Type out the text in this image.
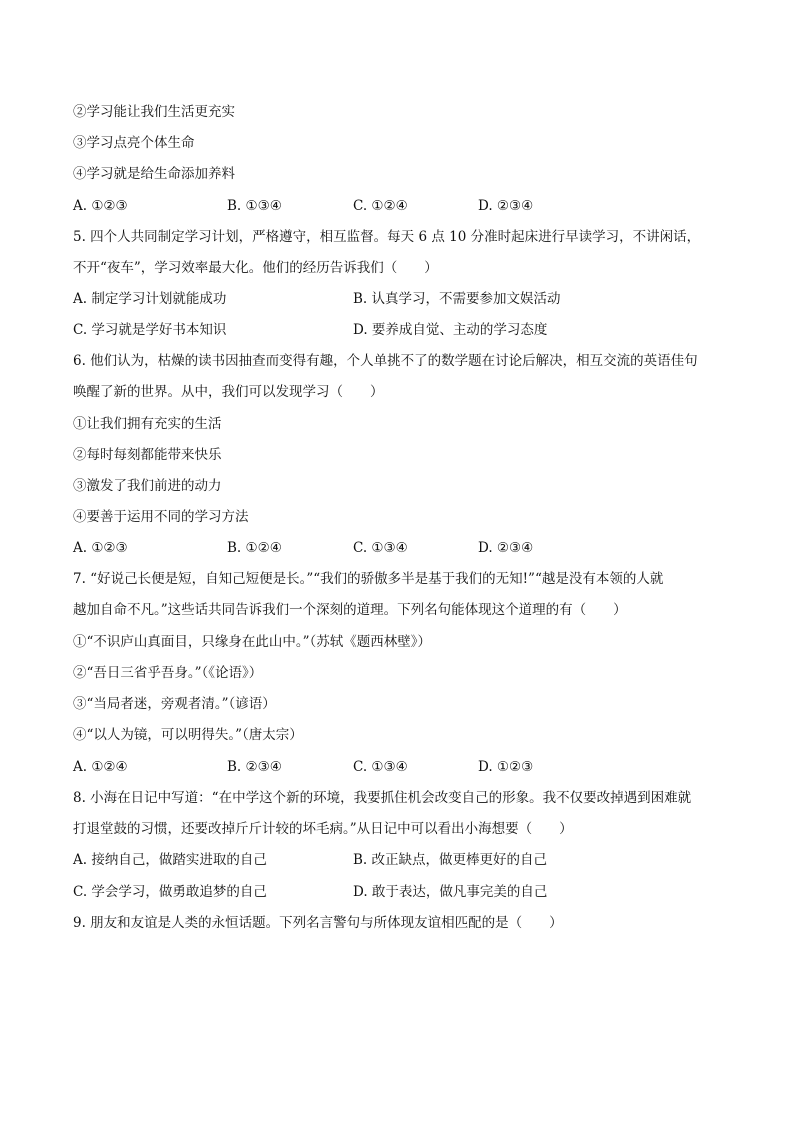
②学习能让我们生活更充实
③学习点亮个体生命
④学习就是给生命添加养料
A. ①②③	B. ①③④	C. ①②④	D. ②③④
5. 四个人共同制定学习计划，严格遵守，相互监督。每天 6 点 10 分准时起床进行早读学习，不讲闲话，
不开“夜车”，学习效率最大化。他们的经历告诉我们（　　）
A. 制定学习计划就能成功	B. 认真学习，不需要参加文娱活动
C. 学习就是学好书本知识	D. 要养成自觉、主动的学习态度
6. 他们认为，枯燥的读书因抽查而变得有趣，个人单挑不了的数学题在讨论后解决，相互交流的英语佳句
唤醒了新的世界。从中，我们可以发现学习（　　）
①让我们拥有充实的生活
②每时每刻都能带来快乐
③激发了我们前进的动力
④要善于运用不同的学习方法
A. ①②③	B. ①②④	C. ①③④	D. ②③④
7. “好说己长便是短，自知己短便是长。”“我们的骄傲多半是基于我们的无知!”“越是没有本领的人就
越加自命不凡。”这些话共同告诉我们一个深刻的道理。下列名句能体现这个道理的有（　　）
①“不识庐山真面目，只缘身在此山中。”（苏轼《题西林壁》）
②“吾日三省乎吾身。”（《论语》）
③“当局者迷，旁观者清。”（谚语）
④“以人为镜，可以明得失。”（唐太宗）
A. ①②④	B. ②③④	C. ①③④	D. ①②③
8. 小海在日记中写道：“在中学这个新的环境，我要抓住机会改变自己的形象。我不仅要改掉遇到困难就
打退堂鼓的习惯，还要改掉斤斤计较的坏毛病。”从日记中可以看出小海想要（　　）
A. 接纳自己，做踏实进取的自己	B. 改正缺点，做更棒更好的自己
C. 学会学习，做勇敢追梦的自己	D. 敢于表达，做凡事完美的自己
9. 朋友和友谊是人类的永恒话题。下列名言警句与所体现友谊相匹配的是（　　）
